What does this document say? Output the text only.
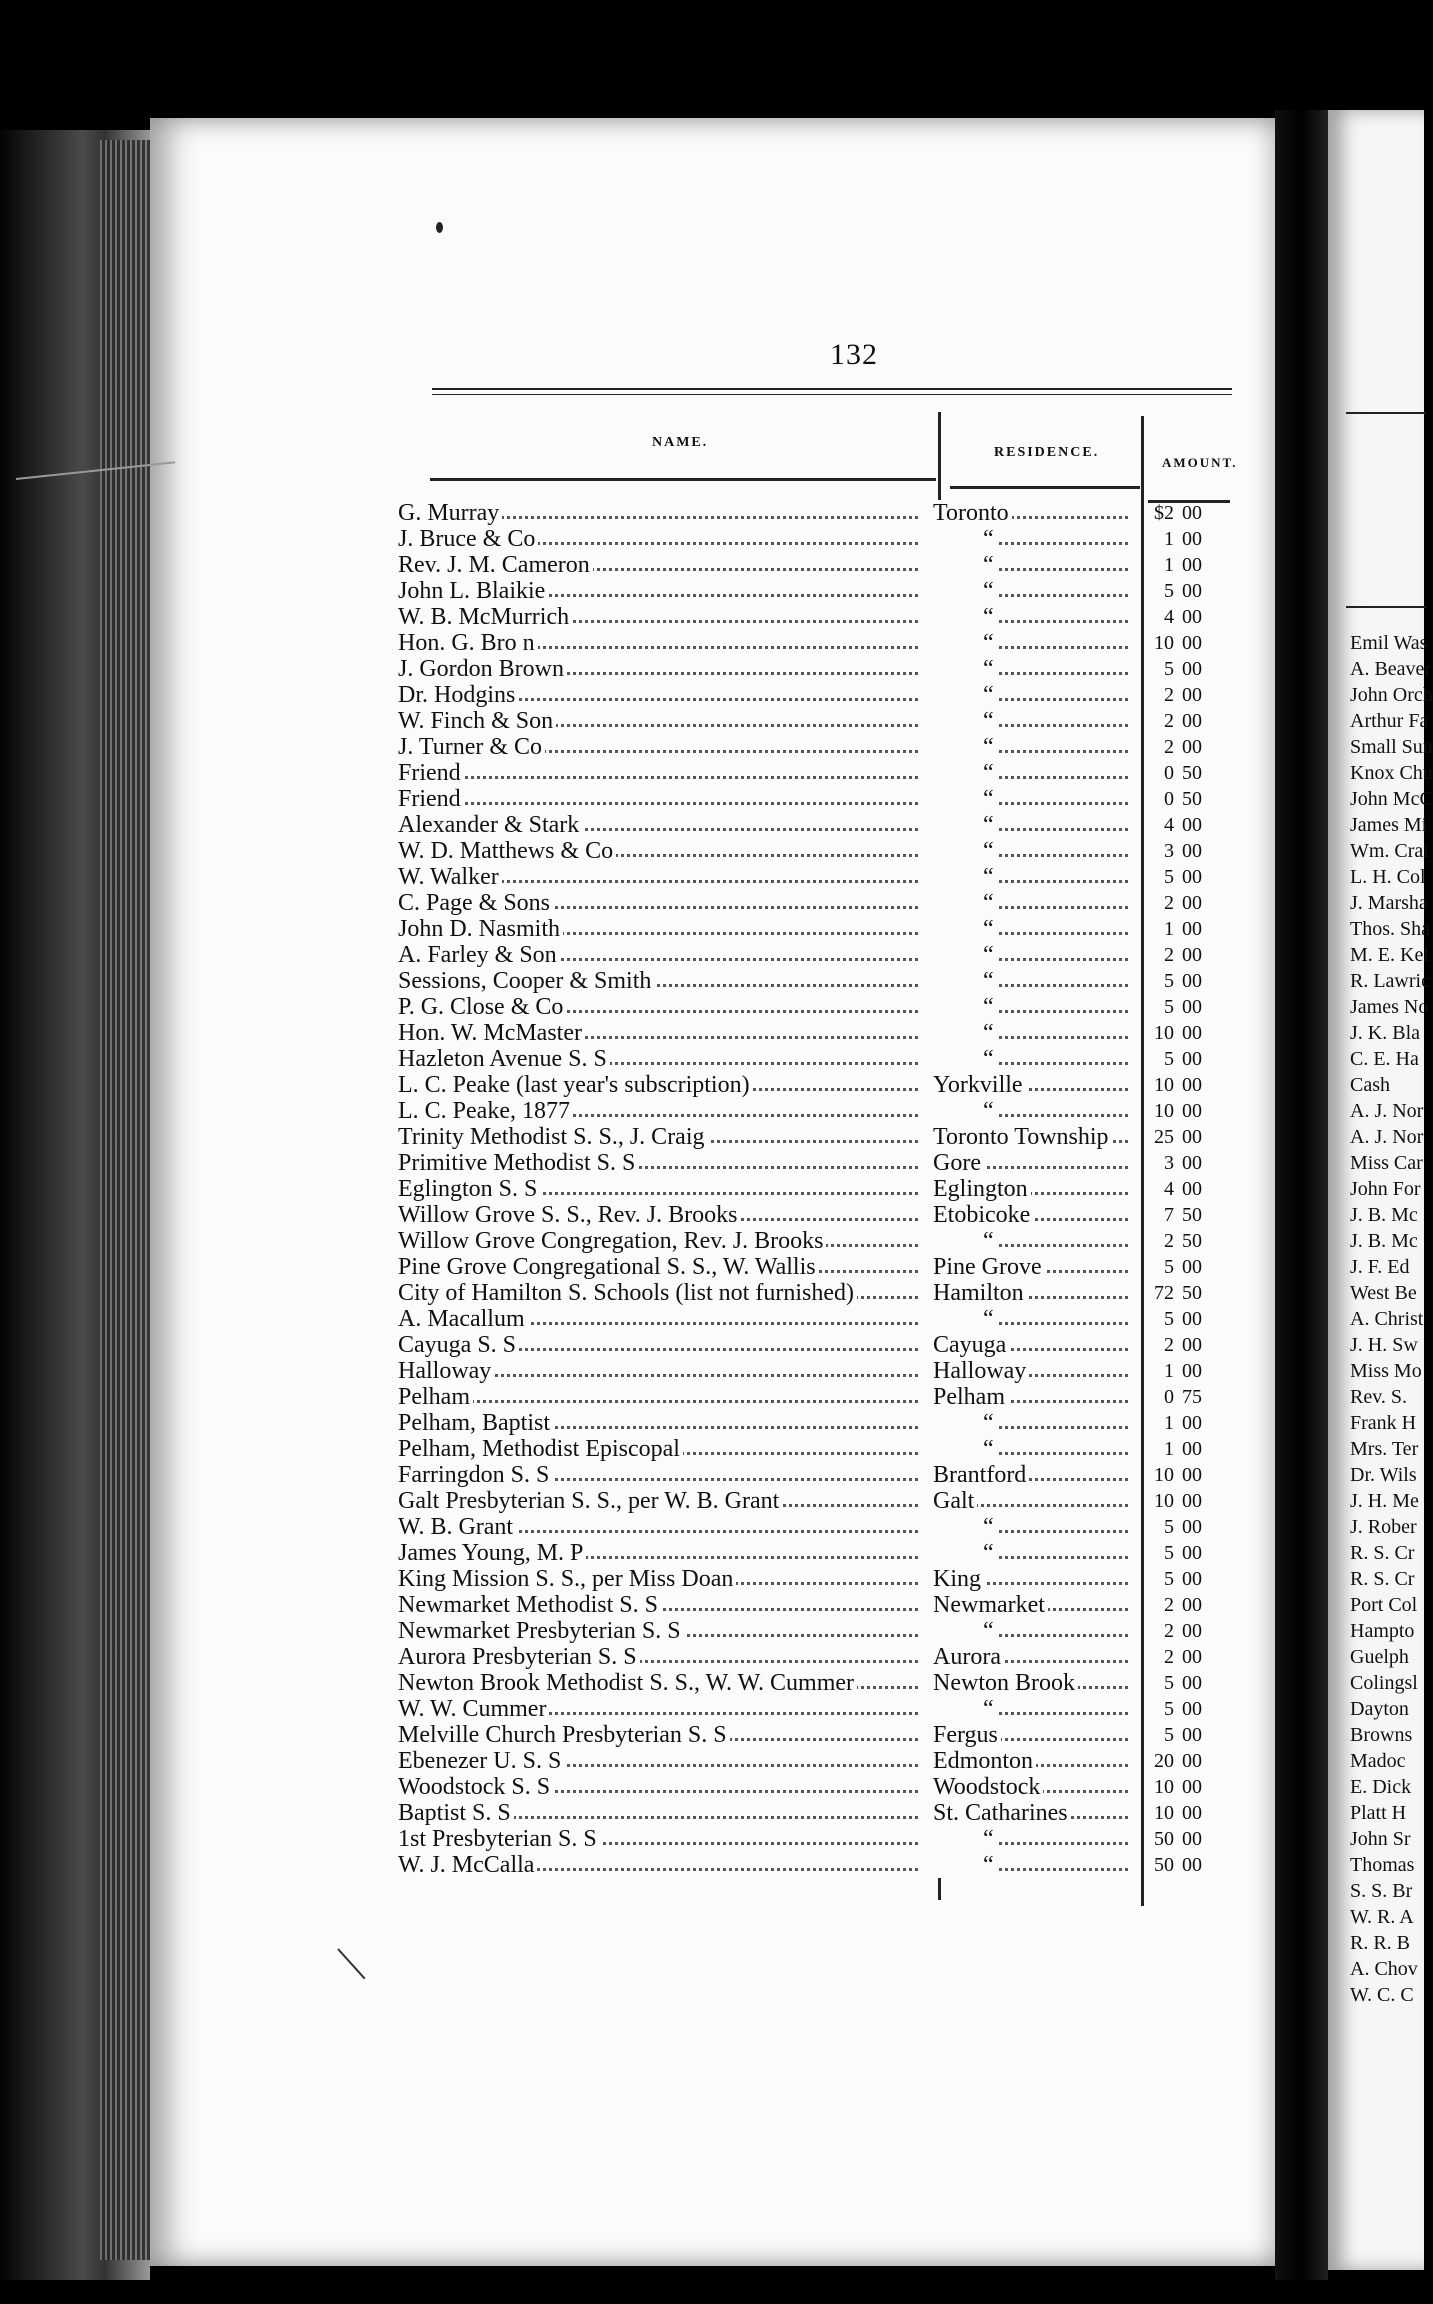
Emil Was
A. Beaver
John Orch
Arthur Fa
Small Sun
Knox Chu
John McC
James Mi
Wm. Crai
L. H. Col
J. Marsha
Thos. Sha
M. E. Kel
R. Lawric
James No
J. K. Bla
C. E. Ha
Cash
A. J. Nor
A. J. Nor
Miss Car
John For
J. B. Mc
J. B. Mc
J. F. Ed
West Be
A. Christ
J. H. Sw
Miss Mo
Rev. S.
Frank H
Mrs. Ter
Dr. Wils
J. H. Me
J. Rober
R. S. Cr
R. S. Cr
Port Col
Hampto
Guelph
Colingsl
Dayton
Browns
Madoc
E. Dick
Platt H
John Sr
Thomas
S. S. Br
W. R. A
R. R. B
A. Chov
W. C. C
132
NAME.
RESIDENCE.
AMOUNT.
G. Murray	Toronto	$2 00
J. Bruce & Co	“	1 00
Rev. J. M. Cameron	“	1 00
John L. Blaikie	“	5 00
W. B. McMurrich	“	4 00
Hon. G. Bro n	“	10 00
J. Gordon Brown	“	5 00
Dr. Hodgins	“	2 00
W. Finch & Son	“	2 00
J. Turner & Co	“	2 00
Friend	“	0 50
Friend	“	0 50
Alexander & Stark	“	4 00
W. D. Matthews & Co	“	3 00
W. Walker	“	5 00
C. Page & Sons	“	2 00
John D. Nasmith	“	1 00
A. Farley & Son	“	2 00
Sessions, Cooper & Smith	“	5 00
P. G. Close & Co	“	5 00
Hon. W. McMaster	“	10 00
Hazleton Avenue S. S	“	5 00
L. C. Peake (last year's subscription)	Yorkville	10 00
L. C. Peake, 1877	“	10 00
Trinity Methodist S. S., J. Craig	Toronto Township	25 00
Primitive Methodist S. S	Gore	3 00
Eglington S. S	Eglington	4 00
Willow Grove S. S., Rev. J. Brooks	Etobicoke	7 50
Willow Grove Congregation, Rev. J. Brooks	“	2 50
Pine Grove Congregational S. S., W. Wallis	Pine Grove	5 00
City of Hamilton S. Schools (list not furnished)	Hamilton	72 50
A. Macallum	“	5 00
Cayuga S. S	Cayuga	2 00
Halloway	Halloway	1 00
Pelham	Pelham	0 75
Pelham, Baptist	“	1 00
Pelham, Methodist Episcopal	“	1 00
Farringdon S. S	Brantford	10 00
Galt Presbyterian S. S., per W. B. Grant	Galt	10 00
W. B. Grant	“	5 00
James Young, M. P	“	5 00
King Mission S. S., per Miss Doan	King	5 00
Newmarket Methodist S. S	Newmarket	2 00
Newmarket Presbyterian S. S	“	2 00
Aurora Presbyterian S. S	Aurora	2 00
Newton Brook Methodist S. S., W. W. Cummer	Newton Brook	5 00
W. W. Cummer	“	5 00
Melville Church Presbyterian S. S	Fergus	5 00
Ebenezer U. S. S	Edmonton	20 00
Woodstock S. S	Woodstock	10 00
Baptist S. S	St. Catharines	10 00
1st Presbyterian S. S	“	50 00
W. J. McCalla	“	50 00
